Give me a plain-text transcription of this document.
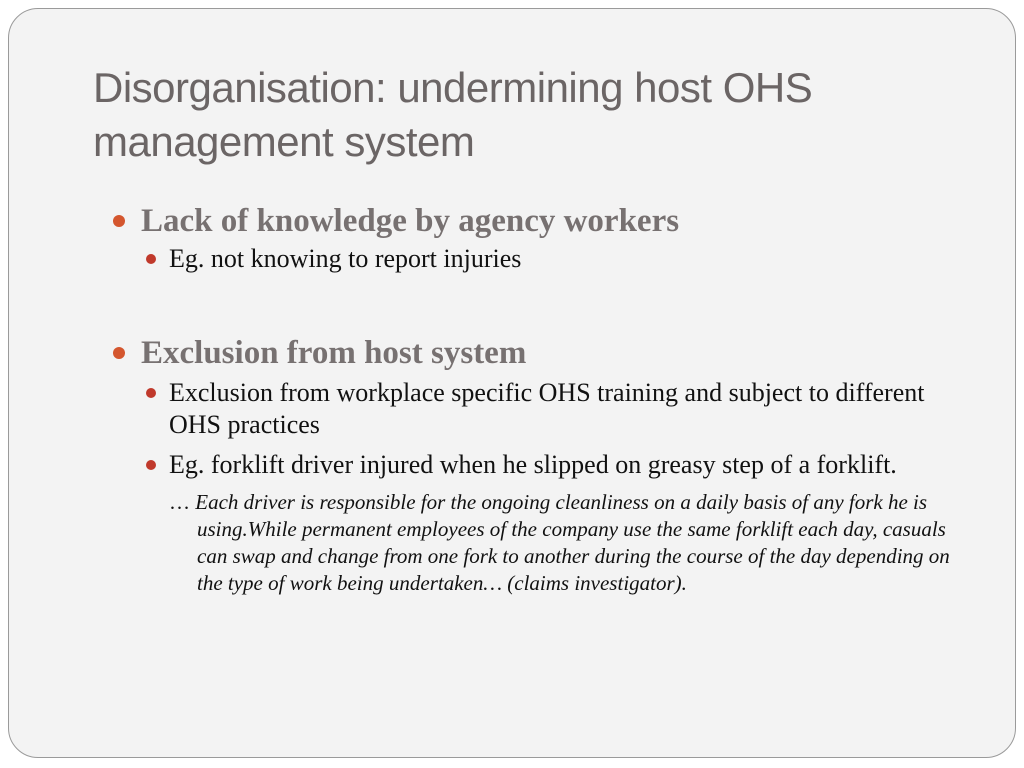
Disorganisation: undermining host OHS management system
Lack of knowledge by agency workers
Eg. not knowing to report injuries
Exclusion from host system
Exclusion from workplace specific OHS training and subject to different OHS practices
Eg. forklift driver injured when he slipped on greasy step of a forklift.
… Each driver is responsible for the ongoing cleanliness on a daily basis of any fork he is using.While permanent employees of the company use the same forklift each day, casuals can swap and change from one fork to another during the course of the day depending on the type of work being undertaken… (claims investigator).
